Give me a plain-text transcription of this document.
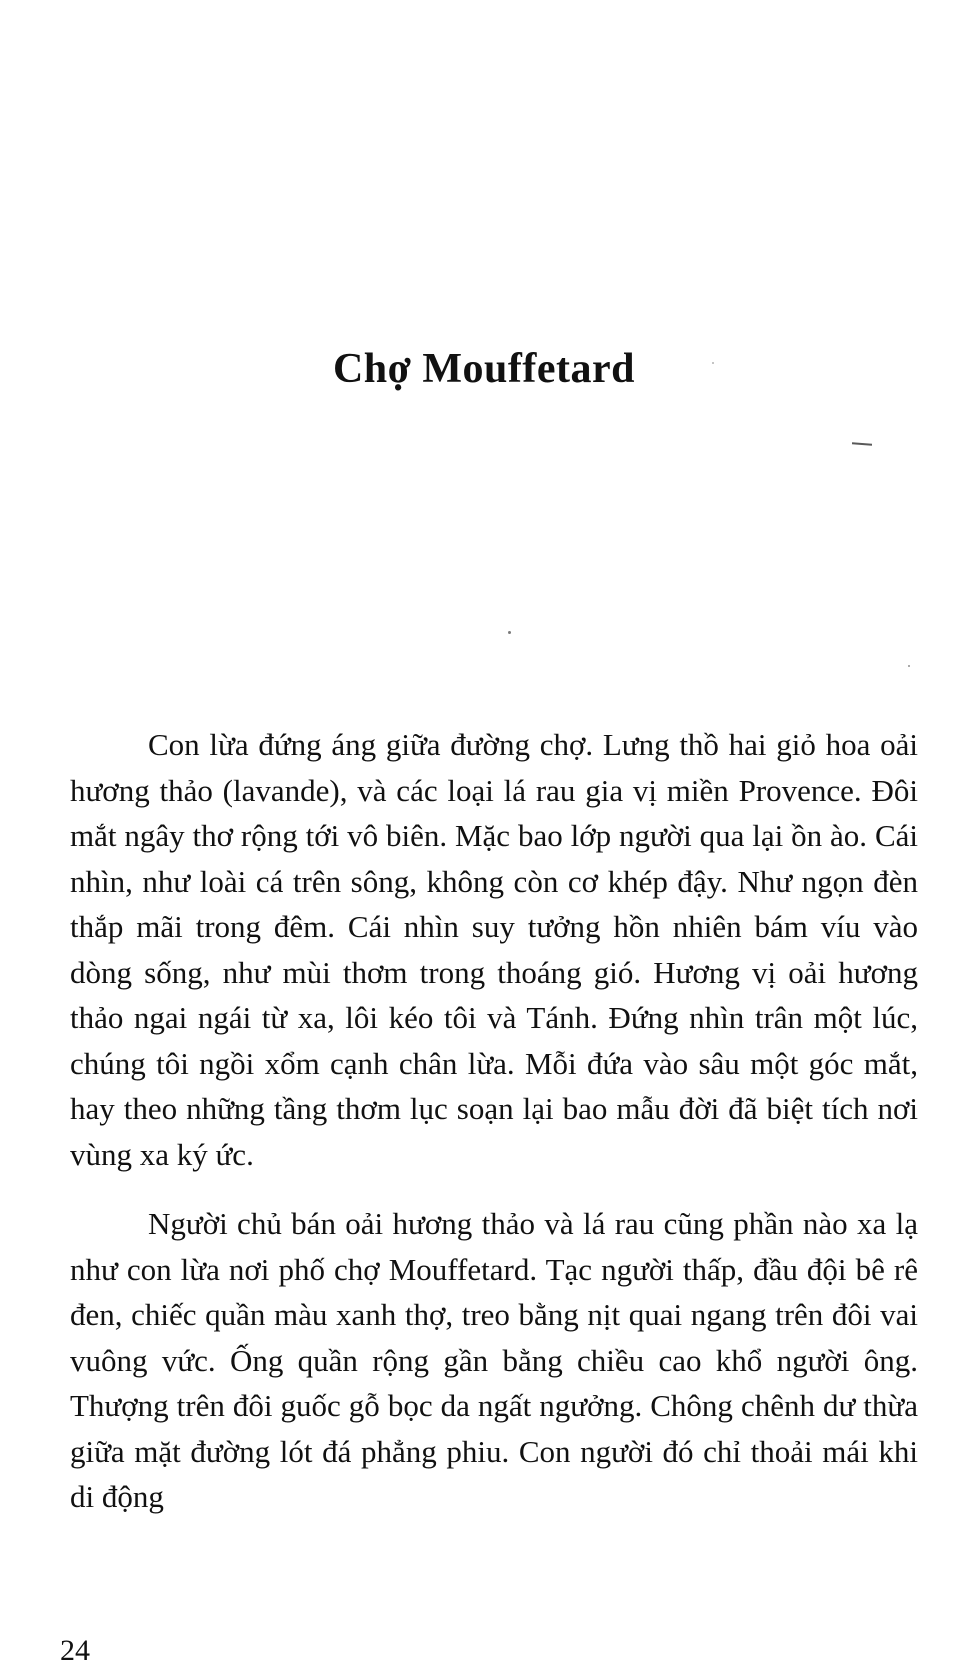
Chợ Mouffetard

Con lừa đứng áng giữa đường chợ. Lưng thồ hai giỏ hoa oải hương thảo (lavande), và các loại lá rau gia vị miền Provence. Đôi mắt ngây thơ rộng tới vô biên. Mặc bao lớp người qua lại ồn ào. Cái nhìn, như loài cá trên sông, không còn cơ khép đậy. Như ngọn đèn thắp mãi trong đêm. Cái nhìn suy tưởng hồn nhiên bám víu vào dòng sống, như mùi thơm trong thoáng gió. Hương vị oải hương thảo ngai ngái từ xa, lôi kéo tôi và Tánh. Đứng nhìn trân một lúc, chúng tôi ngồi xổm cạnh chân lừa. Mỗi đứa vào sâu một góc mắt, hay theo những tầng thơm lục soạn lại bao mẫu đời đã biệt tích nơi vùng xa ký ức.

Người chủ bán oải hương thảo và lá rau cũng phần nào xa lạ như con lừa nơi phố chợ Mouffetard. Tạc người thấp, đầu đội bê rê đen, chiếc quần màu xanh thợ, treo bằng nịt quai ngang trên đôi vai vuông vức. Ống quần rộng gần bằng chiều cao khổ người ông. Thượng trên đôi guốc gỗ bọc da ngất ngưởng. Chông chênh dư thừa giữa mặt đường lót đá phẳng phiu. Con người đó chỉ thoải mái khi di động

24
